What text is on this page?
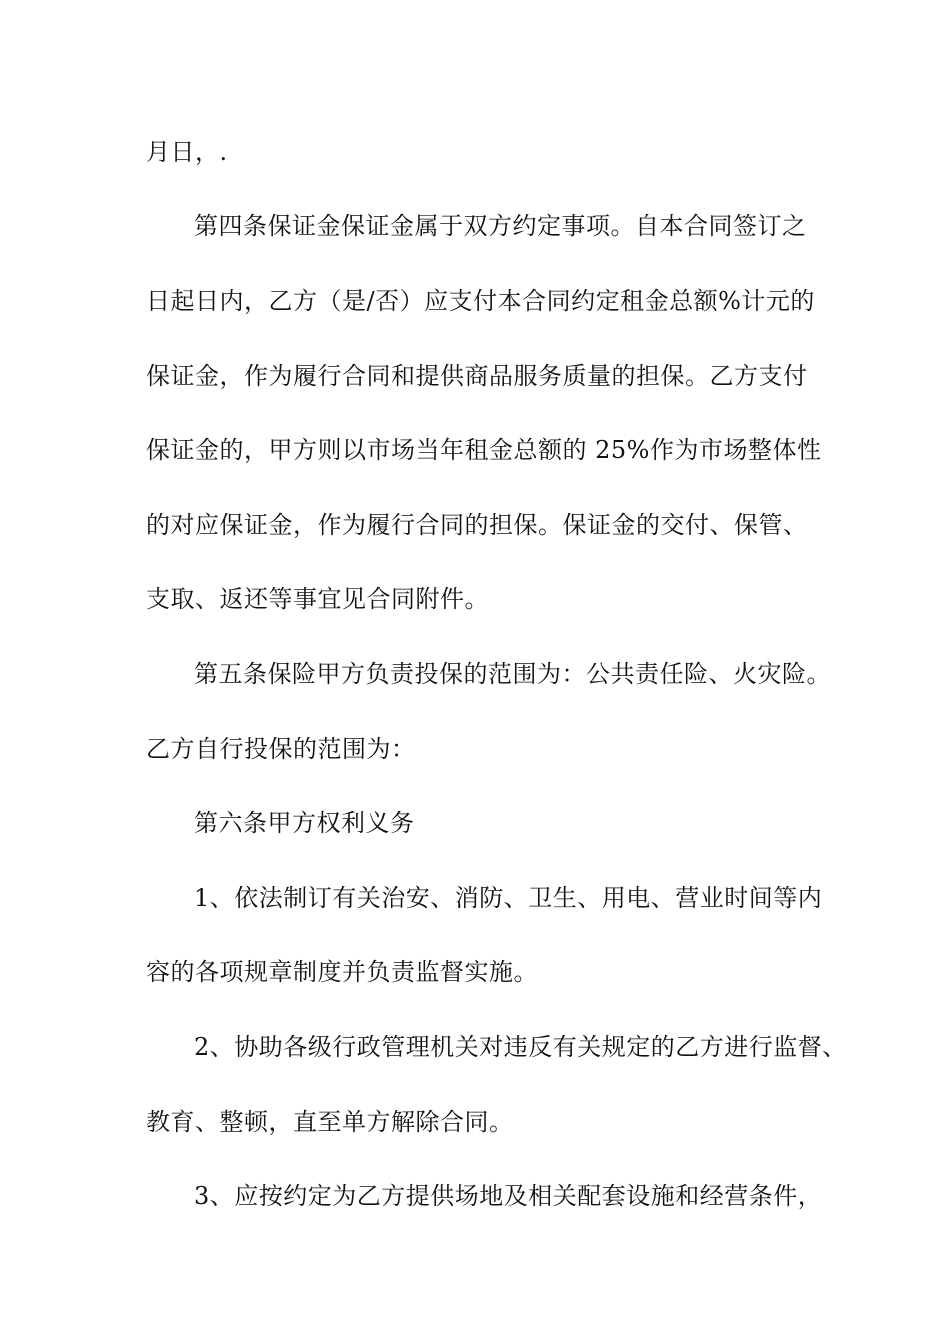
月日，.

第四条保证金保证金属于双方约定事项。自本合同签订之

日起日内，乙方（是/否）应支付本合同约定租金总额%计元的

保证金，作为履行合同和提供商品服务质量的担保。乙方支付

保证金的，甲方则以市场当年租金总额的 25%作为市场整体性

的对应保证金，作为履行合同的担保。保证金的交付、保管、

支取、返还等事宜见合同附件。

第五条保险甲方负责投保的范围为：公共责任险、火灾险。

乙方自行投保的范围为：

第六条甲方权利义务

1、依法制订有关治安、消防、卫生、用电、营业时间等内

容的各项规章制度并负责监督实施。

2、协助各级行政管理机关对违反有关规定的乙方进行监督、

教育、整顿，直至单方解除合同。

3、应按约定为乙方提供场地及相关配套设施和经营条件，
